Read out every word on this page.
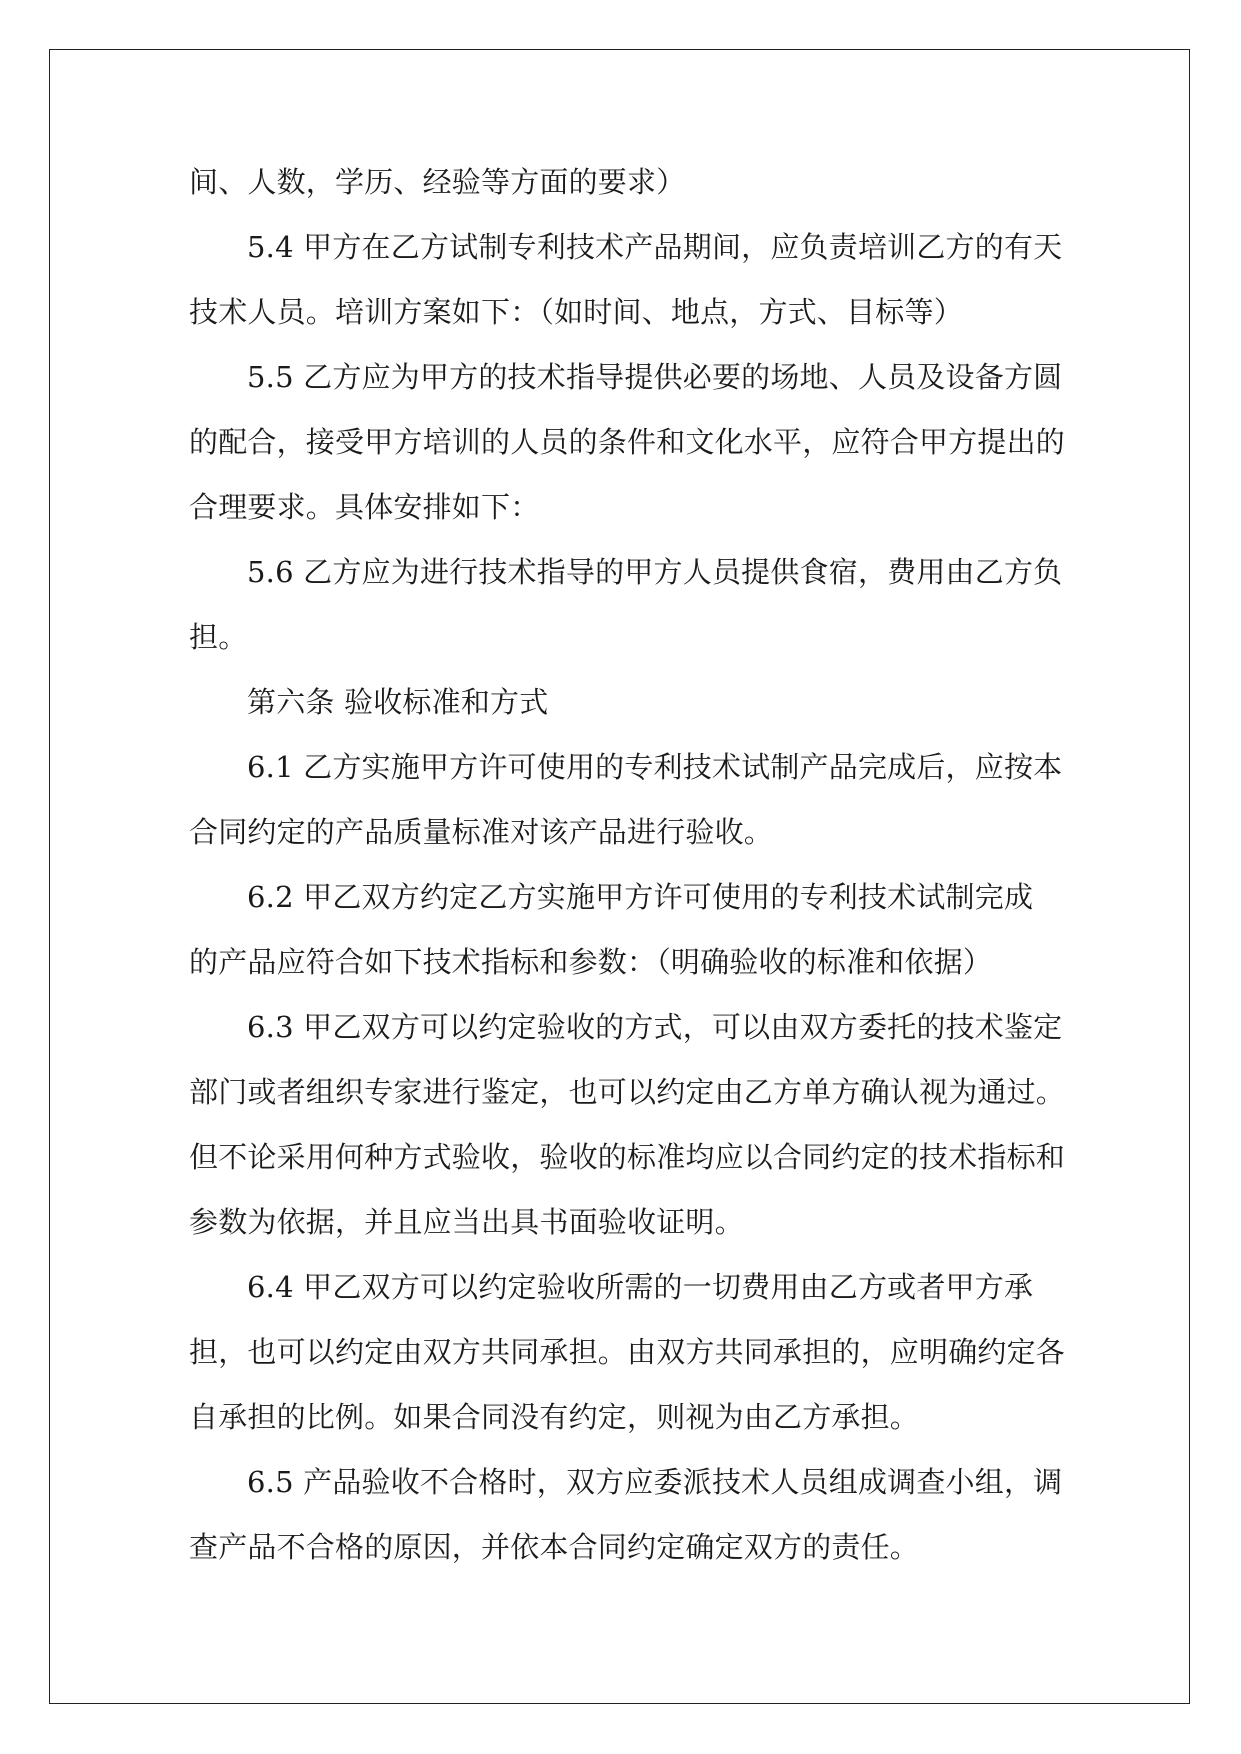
间、人数，学历、经验等方面的要求）
5.4 甲方在乙方试制专利技术产品期间，应负责培训乙方的有天
技术人员。培训方案如下：（如时间、地点，方式、目标等）
5.5 乙方应为甲方的技术指导提供必要的场地、人员及设备方圆
的配合，接受甲方培训的人员的条件和文化水平，应符合甲方提出的
合理要求。具体安排如下：
5.6 乙方应为进行技术指导的甲方人员提供食宿，费用由乙方负
担。
第六条 验收标准和方式
6.1 乙方实施甲方许可使用的专利技术试制产品完成后，应按本
合同约定的产品质量标准对该产品进行验收。
6.2 甲乙双方约定乙方实施甲方许可使用的专利技术试制完成
的产品应符合如下技术指标和参数：（明确验收的标准和依据）
6.3 甲乙双方可以约定验收的方式，可以由双方委托的技术鉴定
部门或者组织专家进行鉴定，也可以约定由乙方单方确认视为通过。
但不论采用何种方式验收，验收的标准均应以合同约定的技术指标和
参数为依据，并且应当出具书面验收证明。
6.4 甲乙双方可以约定验收所需的一切费用由乙方或者甲方承
担，也可以约定由双方共同承担。由双方共同承担的，应明确约定各
自承担的比例。如果合同没有约定，则视为由乙方承担。
6.5 产品验收不合格时，双方应委派技术人员组成调查小组，调
查产品不合格的原因，并依本合同约定确定双方的责任。
